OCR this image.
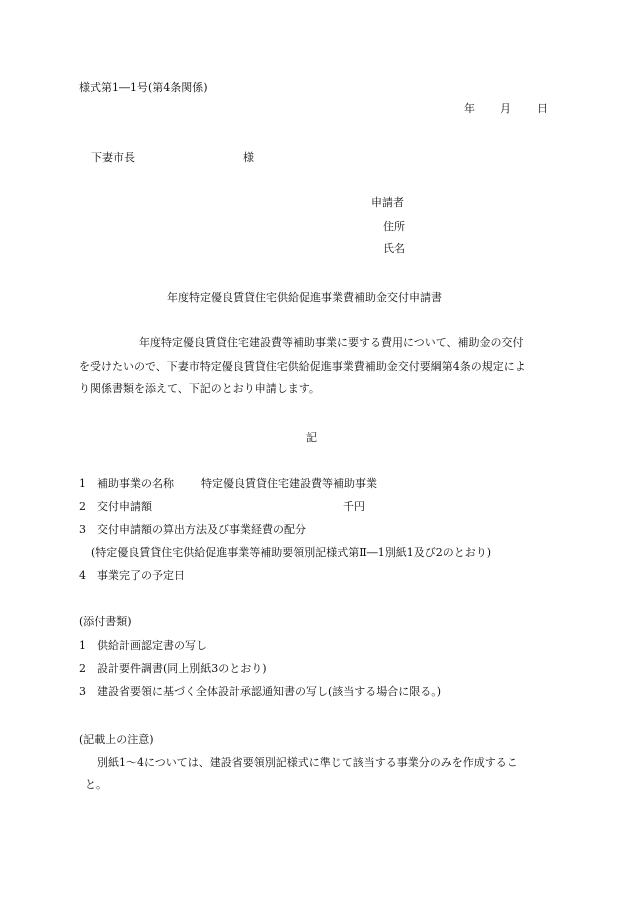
様式第1―1号(第4条関係)
年 月 日
下妻市長	様
申請者
住所
氏名
年度特定優良賃貸住宅供給促進事業費補助金交付申請書
年度特定優良賃貸住宅建設費等補助事業に要する費用について、補助金の交付
を受けたいので、下妻市特定優良賃貸住宅供給促進事業費補助金交付要綱第4条の規定によ
り関係書類を添えて、下記のとおり申請します。
記
1 補助事業の名称 特定優良賃貸住宅建設費等補助事業
2 交付申請額	千円
3 交付申請額の算出方法及び事業経費の配分
(特定優良賃貸住宅供給促進事業等補助要領別記様式第Ⅱ―1別紙1及び2のとおり)
4 事業完了の予定日
(添付書類)
1　供給計画認定書の写し
2　設計要件調書(同上別紙3のとおり)
3　建設省要領に基づく全体設計承認通知書の写し(該当する場合に限る。)
(記載上の注意)
別紙1～4については、建設省要領別記様式に準じて該当する事業分のみを作成するこ
と。
